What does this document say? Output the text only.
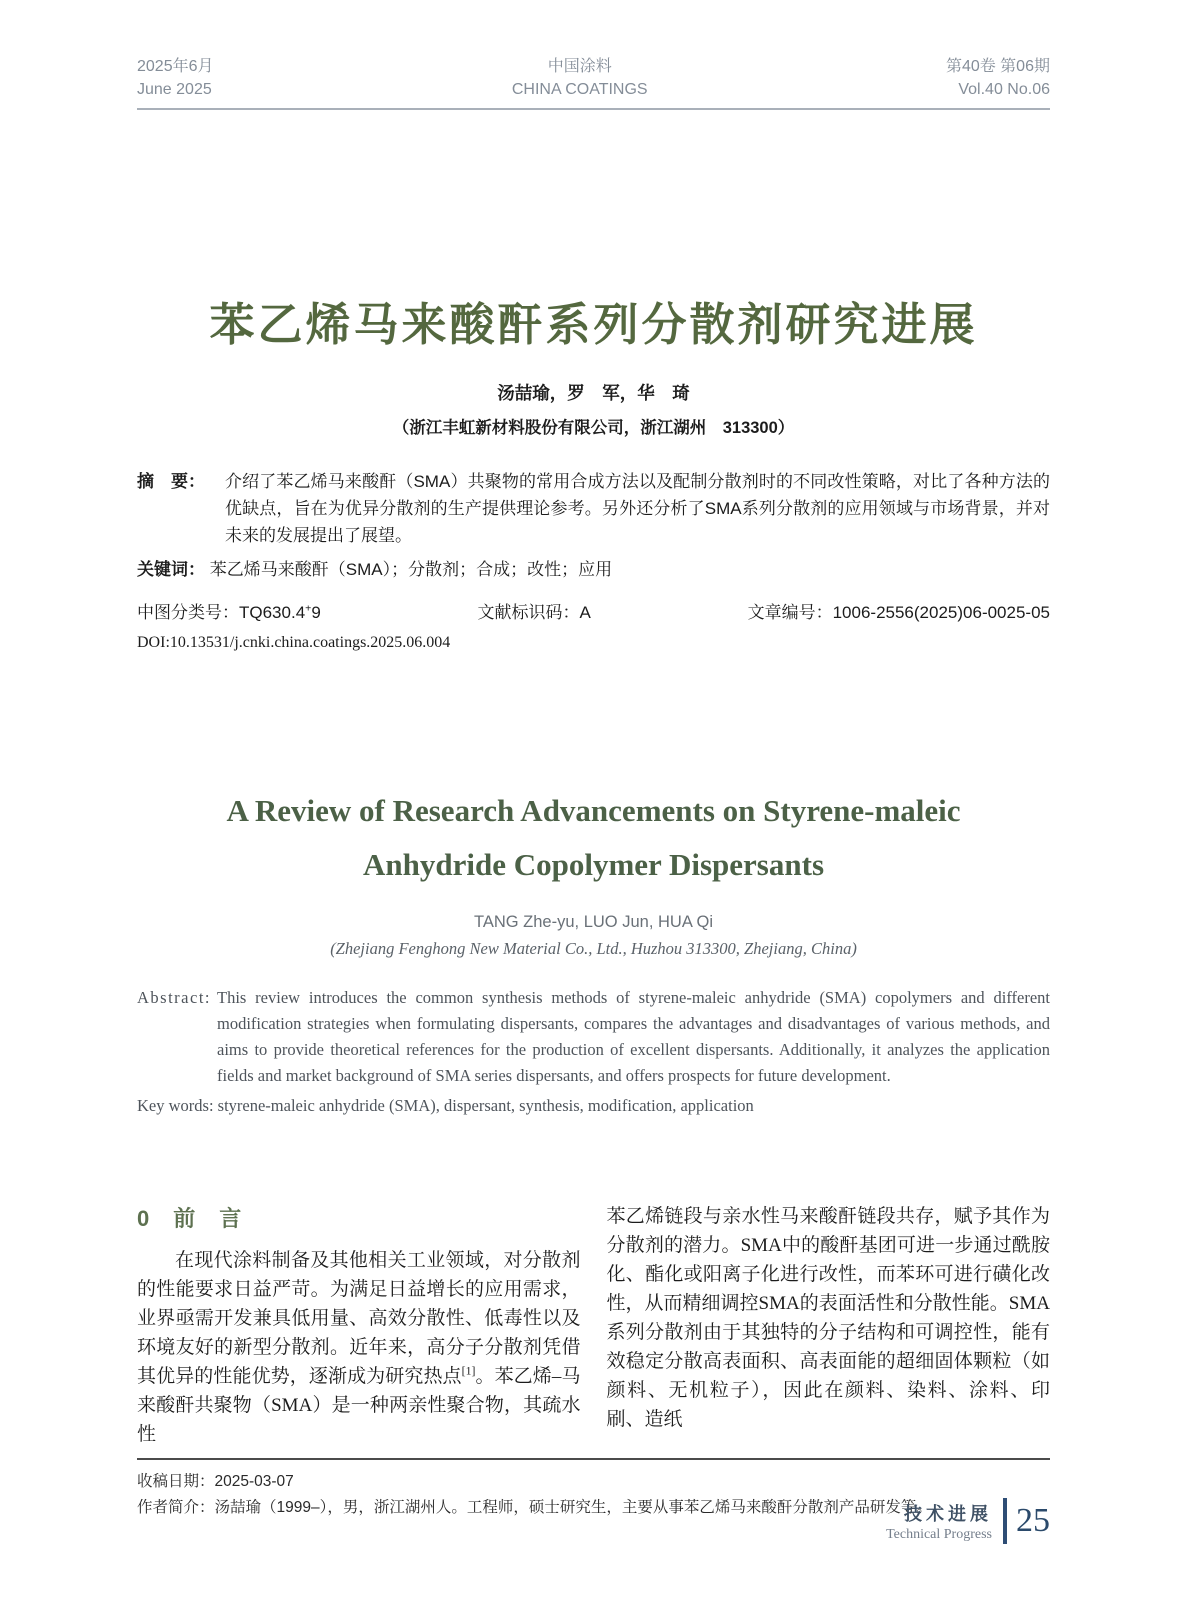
2025年6月
June 2025
中国涂料
CHINA COATINGS
第40卷 第06期
Vol.40 No.06
苯乙烯马来酸酐系列分散剂研究进展
汤喆瑜，罗　军，华　琦
（浙江丰虹新材料股份有限公司，浙江湖州　313300）
摘　要： 介绍了苯乙烯马来酸酐（SMA）共聚物的常用合成方法以及配制分散剂时的不同改性策略，对比了各种方法的优缺点，旨在为优异分散剂的生产提供理论参考。另外还分析了SMA系列分散剂的应用领域与市场背景，并对未来的发展提出了展望。
关键词： 苯乙烯马来酸酐（SMA）；分散剂；合成；改性；应用
中图分类号：TQ630.4+9	文献标识码：A	文章编号：1006-2556(2025)06-0025-05
DOI:10.13531/j.cnki.china.coatings.2025.06.004
A Review of Research Advancements on Styrene-maleic
Anhydride Copolymer Dispersants
TANG Zhe-yu, LUO Jun, HUA Qi
(Zhejiang Fenghong New Material Co., Ltd., Huzhou 313300, Zhejiang, China)
Abstract: This review introduces the common synthesis methods of styrene-maleic anhydride (SMA) copolymers and different modification strategies when formulating dispersants, compares the advantages and disadvantages of various methods, and aims to provide theoretical references for the production of excellent dispersants. Additionally, it analyzes the application fields and market background of SMA series dispersants, and offers prospects for future development.
Key words: styrene-maleic anhydride (SMA), dispersant, synthesis, modification, application
0　前　言

在现代涂料制备及其他相关工业领域，对分散剂的性能要求日益严苛。为满足日益增长的应用需求，业界亟需开发兼具低用量、高效分散性、低毒性以及环境友好的新型分散剂。近年来，高分子分散剂凭借其优异的性能优势，逐渐成为研究热点[1]。苯乙烯–马来酸酐共聚物（SMA）是一种两亲性聚合物，其疏水性

苯乙烯链段与亲水性马来酸酐链段共存，赋予其作为分散剂的潜力。SMA中的酸酐基团可进一步通过酰胺化、酯化或阳离子化进行改性，而苯环可进行磺化改性，从而精细调控SMA的表面活性和分散性能。SMA系列分散剂由于其独特的分子结构和可调控性，能有效稳定分散高表面积、高表面能的超细固体颗粒（如颜料、无机粒子），因此在颜料、染料、涂料、印刷、造纸

收稿日期：2025-03-07
作者简介：汤喆瑜（1999–），男，浙江湖州人。工程师，硕士研究生，主要从事苯乙烯马来酸酐分散剂产品研发等。
技术进展
Technical Progress 25
